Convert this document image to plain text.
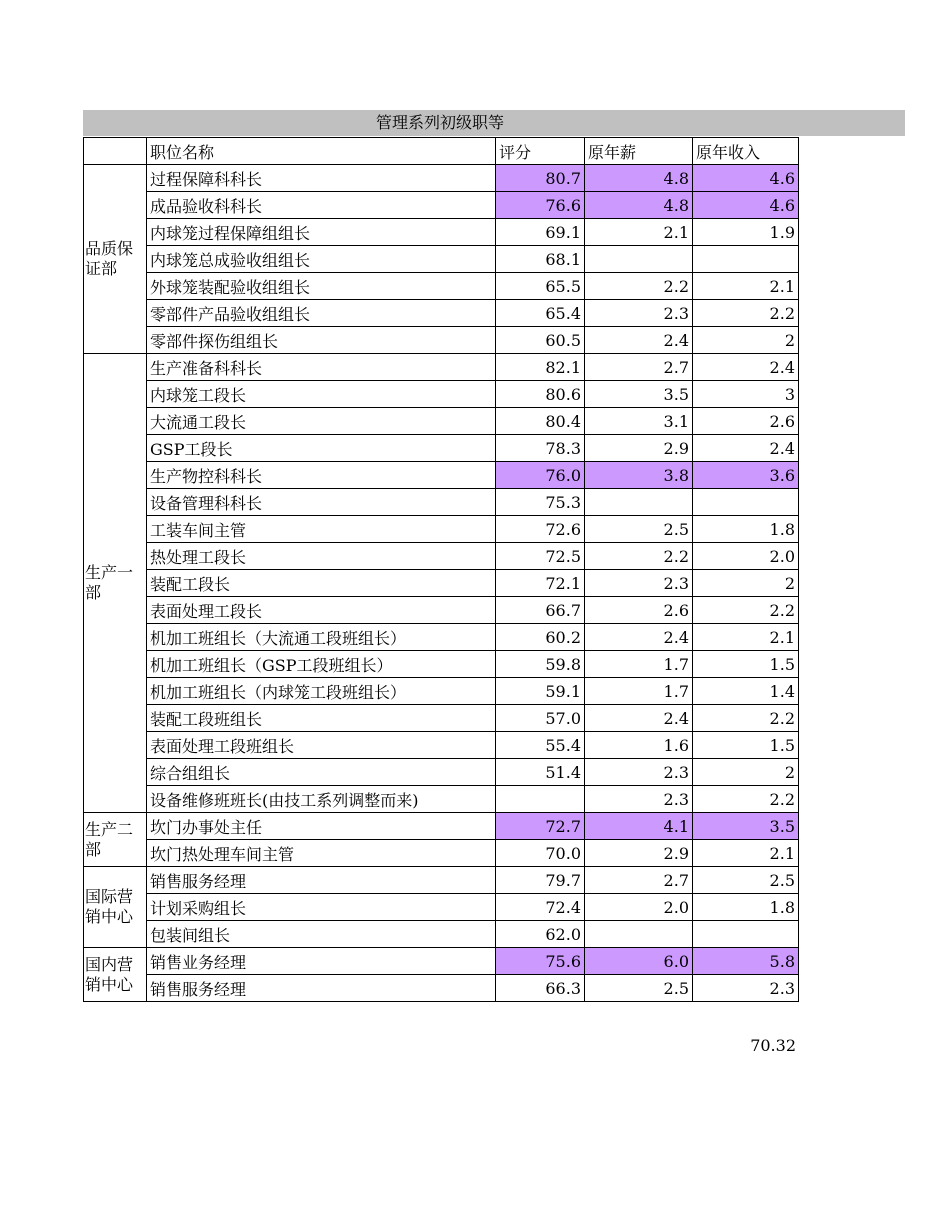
管理系列初级职等
	职位名称	评分	原年薪	原年收入
品质保证部	过程保障科科长	80.7	4.8	4.6
	成品验收科科长	76.6	4.8	4.6
	内球笼过程保障组组长	69.1	2.1	1.9
	内球笼总成验收组组长	68.1		
	外球笼装配验收组组长	65.5	2.2	2.1
	零部件产品验收组组长	65.4	2.3	2.2
	零部件探伤组组长	60.5	2.4	2
生产一部	生产准备科科长	82.1	2.7	2.4
	内球笼工段长	80.6	3.5	3
	大流通工段长	80.4	3.1	2.6
	GSP工段长	78.3	2.9	2.4
	生产物控科科长	76.0	3.8	3.6
	设备管理科科长	75.3		
	工装车间主管	72.6	2.5	1.8
	热处理工段长	72.5	2.2	2.0
	装配工段长	72.1	2.3	2
	表面处理工段长	66.7	2.6	2.2
	机加工班组长（大流通工段班组长）	60.2	2.4	2.1
	机加工班组长（GSP工段班组长）	59.8	1.7	1.5
	机加工班组长（内球笼工段班组长）	59.1	1.7	1.4
	装配工段班组长	57.0	2.4	2.2
	表面处理工段班组长	55.4	1.6	1.5
	综合组组长	51.4	2.3	2
	设备维修班班长(由技工系列调整而来)		2.3	2.2
生产二部	坎门办事处主任	72.7	4.1	3.5
	坎门热处理车间主管	70.0	2.9	2.1
国际营销中心	销售服务经理	79.7	2.7	2.5
	计划采购组长	72.4	2.0	1.8
	包装间组长	62.0		
国内营销中心	销售业务经理	75.6	6.0	5.8
	销售服务经理	66.3	2.5	2.3
70.32
